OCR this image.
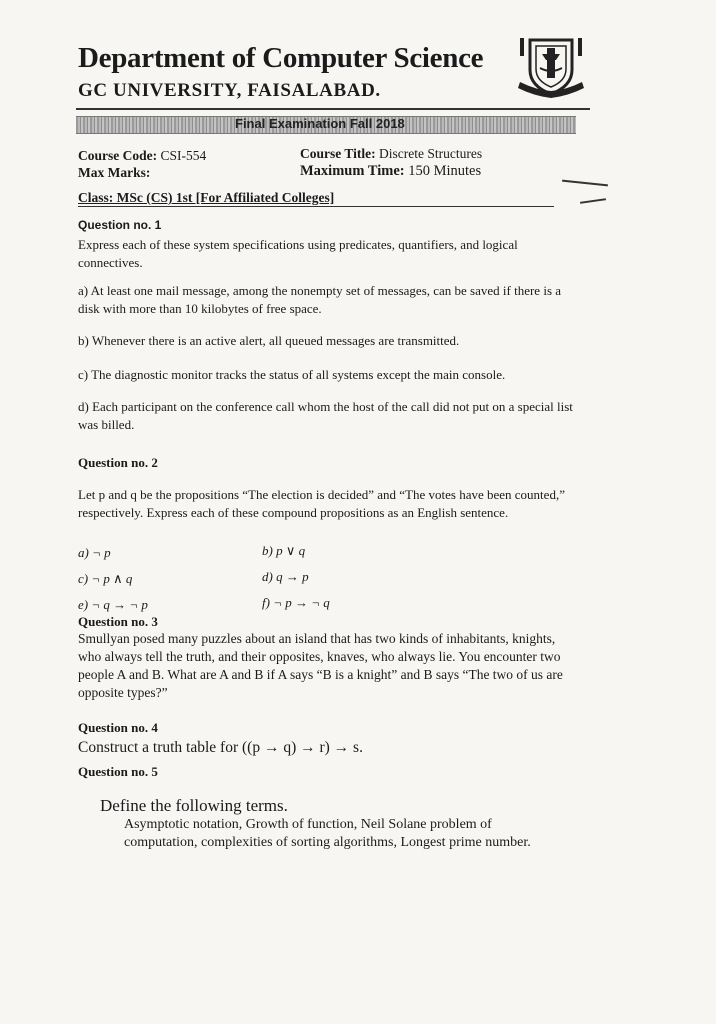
Department of Computer Science
GC UNIVERSITY, FAISALABAD.
Final Examination Fall 2018
Course Code: CSI-554	Course Title: Discrete Structures
Max Marks:	Maximum Time: 150 Minutes
Class: MSc (CS) 1st [For Affiliated Colleges]
Question no. 1
Express each of these system specifications using predicates, quantifiers, and logical connectives.
a) At least one mail message, among the nonempty set of messages, can be saved if there is a disk with more than 10 kilobytes of free space.
b) Whenever there is an active alert, all queued messages are transmitted.
c) The diagnostic monitor tracks the status of all systems except the main console.
d) Each participant on the conference call whom the host of the call did not put on a special list was billed.
Question no. 2
Let p and q be the propositions “The election is decided” and “The votes have been counted,” respectively. Express each of these compound propositions as an English sentence.
a) ¬ p	b) p ∨ q
c) ¬ p ∧ q	d) q → p
e) ¬ q → ¬ p	f) ¬ p → ¬ q
Question no. 3
Smullyan posed many puzzles about an island that has two kinds of inhabitants, knights, who always tell the truth, and their opposites, knaves, who always lie. You encounter two people A and B. What are A and B if A says “B is a knight” and B says “The two of us are opposite types?”
Question no. 4
Construct a truth table for ((p → q) → r) → s.
Question no. 5
Define the following terms.
Asymptotic notation, Growth of function, Neil Solane problem of computation, complexities of sorting algorithms, Longest prime number.
